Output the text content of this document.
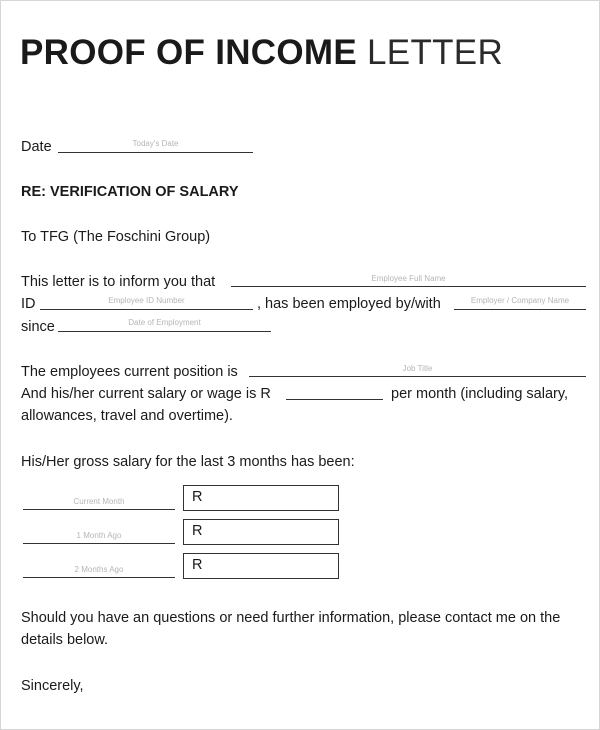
PROOF OF INCOME LETTER
Date	Today's Date
RE: VERIFICATION OF SALARY
To TFG (The Foschini Group)
This letter is to inform you that	Employee Full Name
ID	Employee ID Number	, has been employed by/with	Employer / Company Name
since	Date of Employment
The employees current position is	Job Title
And his/her current salary or wage is R	per month (including salary,
allowances, travel and overtime).
His/Her gross salary for the last 3 months has been:
Current Month	R
1 Month Ago	R
2 Months Ago	R
Should you have an questions or need further information, please contact me on the
details below.
Sincerely,
